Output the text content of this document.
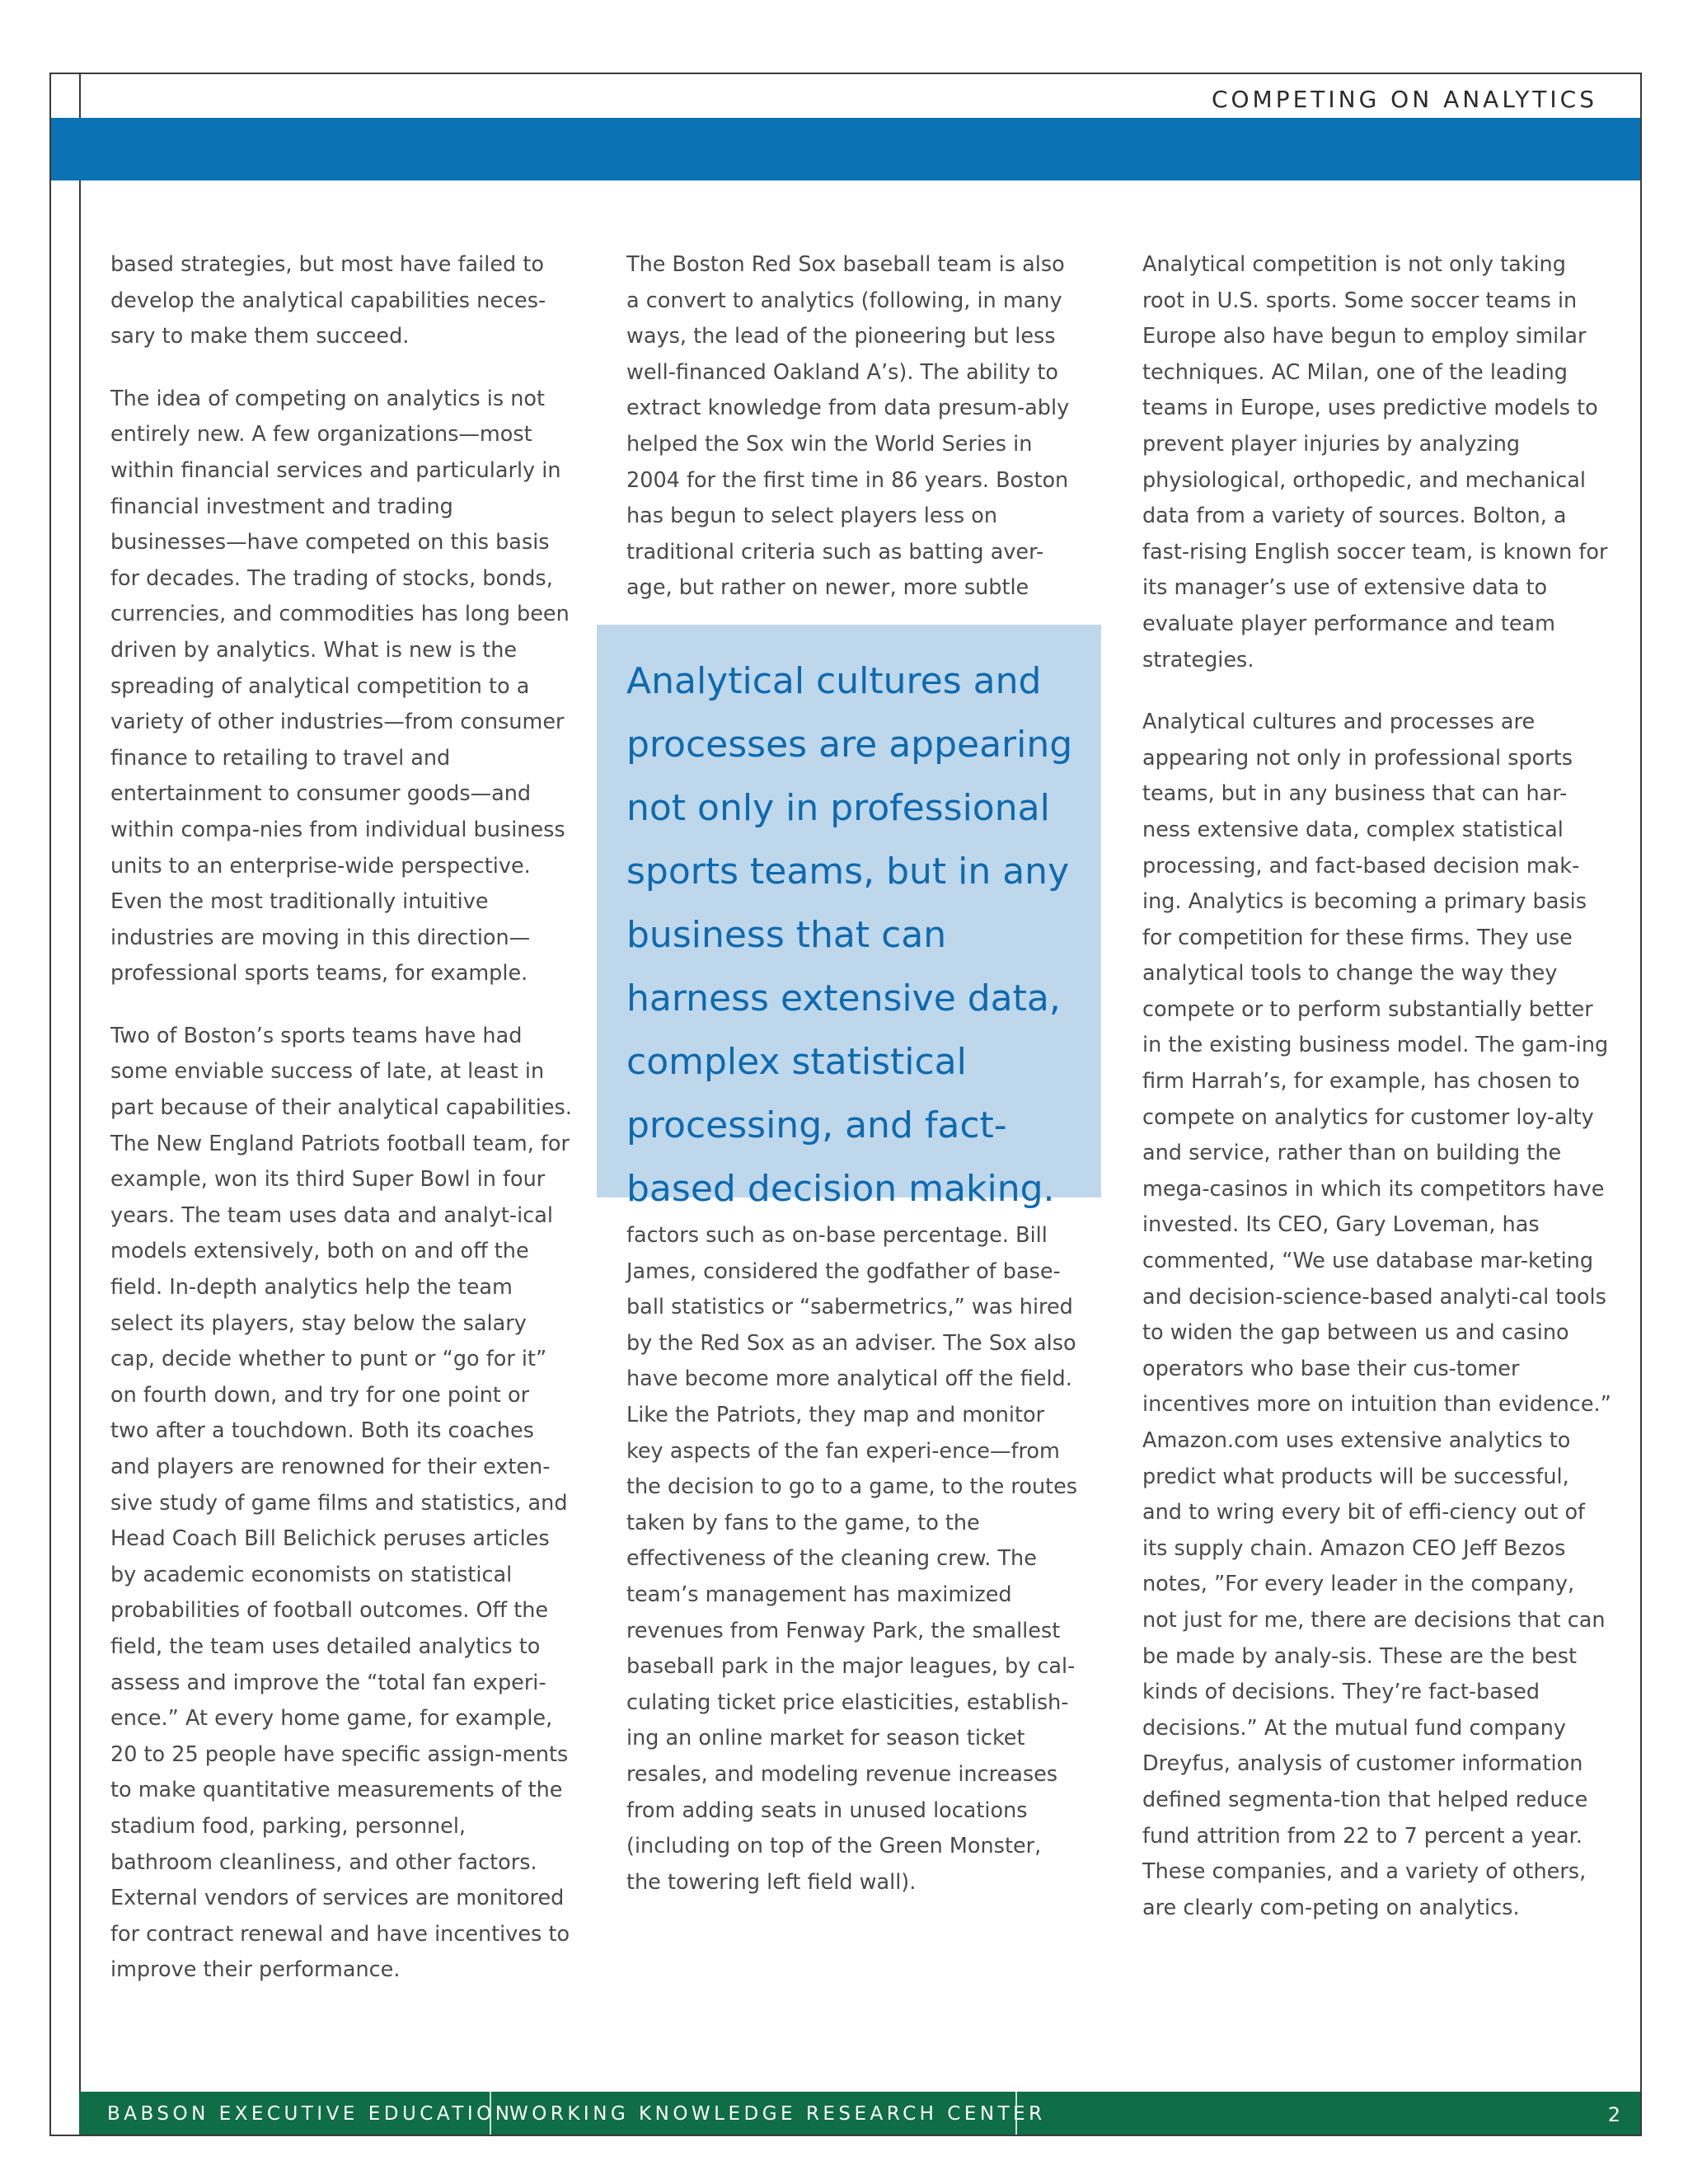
COMPETING ON ANALYTICS

based strategies, but most have failed to develop the analytical capabilities neces-sary to make them succeed.

The idea of competing on analytics is not entirely new. A few organizations—most within financial services and particularly in financial investment and trading businesses—have competed on this basis for decades. The trading of stocks, bonds, currencies, and commodities has long been driven by analytics. What is new is the spreading of analytical competition to a variety of other industries—from consumer finance to retailing to travel and entertainment to consumer goods—and within compa-nies from individual business units to an enterprise-wide perspective. Even the most traditionally intuitive industries are moving in this direction—professional sports teams, for example.

Two of Boston’s sports teams have had some enviable success of late, at least in part because of their analytical capabilities. The New England Patriots football team, for example, won its third Super Bowl in four years. The team uses data and analyt-ical models extensively, both on and off the field. In-depth analytics help the team select its players, stay below the salary cap, decide whether to punt or “go for it” on fourth down, and try for one point or two after a touchdown. Both its coaches and players are renowned for their exten-sive study of game films and statistics, and Head Coach Bill Belichick peruses articles by academic economists on statistical probabilities of football outcomes. Off the field, the team uses detailed analytics to assess and improve the “total fan experi-ence.” At every home game, for example, 20 to 25 people have specific assign-ments to make quantitative measurements of the stadium food, parking, personnel, bathroom cleanliness, and other factors. External vendors of services are monitored for contract renewal and have incentives to improve their performance.

The Boston Red Sox baseball team is also a convert to analytics (following, in many ways, the lead of the pioneering but less well-financed Oakland A’s). The ability to extract knowledge from data presum-ably helped the Sox win the World Series in 2004 for the first time in 86 years. Boston has begun to select players less on traditional criteria such as batting aver-age, but rather on newer, more subtle

Analytical cultures and processes are appearing not only in professional sports teams, but in any business that can harness extensive data, complex statistical processing, and fact-based decision making.

factors such as on-base percentage. Bill James, considered the godfather of base-ball statistics or “sabermetrics,” was hired by the Red Sox as an adviser. The Sox also have become more analytical off the field. Like the Patriots, they map and monitor key aspects of the fan experi-ence—from the decision to go to a game, to the routes taken by fans to the game, to the effectiveness of the cleaning crew. The team’s management has maximized revenues from Fenway Park, the smallest baseball park in the major leagues, by cal-culating ticket price elasticities, establish-ing an online market for season ticket resales, and modeling revenue increases from adding seats in unused locations (including on top of the Green Monster, the towering left field wall).

Analytical competition is not only taking root in U.S. sports. Some soccer teams in Europe also have begun to employ similar techniques. AC Milan, one of the leading teams in Europe, uses predictive models to prevent player injuries by analyzing physiological, orthopedic, and mechanical data from a variety of sources. Bolton, a fast-rising English soccer team, is known for its manager’s use of extensive data to evaluate player performance and team strategies.

Analytical cultures and processes are appearing not only in professional sports teams, but in any business that can har-ness extensive data, complex statistical processing, and fact-based decision mak-ing. Analytics is becoming a primary basis for competition for these firms. They use analytical tools to change the way they compete or to perform substantially better in the existing business model. The gam-ing firm Harrah’s, for example, has chosen to compete on analytics for customer loy-alty and service, rather than on building the mega-casinos in which its competitors have invested. Its CEO, Gary Loveman, has commented, “We use database mar-keting and decision-science-based analyti-cal tools to widen the gap between us and casino operators who base their cus-tomer incentives more on intuition than evidence.” Amazon.com uses extensive analytics to predict what products will be successful, and to wring every bit of effi-ciency out of its supply chain. Amazon CEO Jeff Bezos notes, ”For every leader in the company, not just for me, there are decisions that can be made by analy-sis. These are the best kinds of decisions. They’re fact-based decisions.” At the mutual fund company Dreyfus, analysis of customer information defined segmenta-tion that helped reduce fund attrition from 22 to 7 percent a year. These companies, and a variety of others, are clearly com-peting on analytics.

BABSON EXECUTIVE EDUCATION
WORKING KNOWLEDGE RESEARCH CENTER	2
